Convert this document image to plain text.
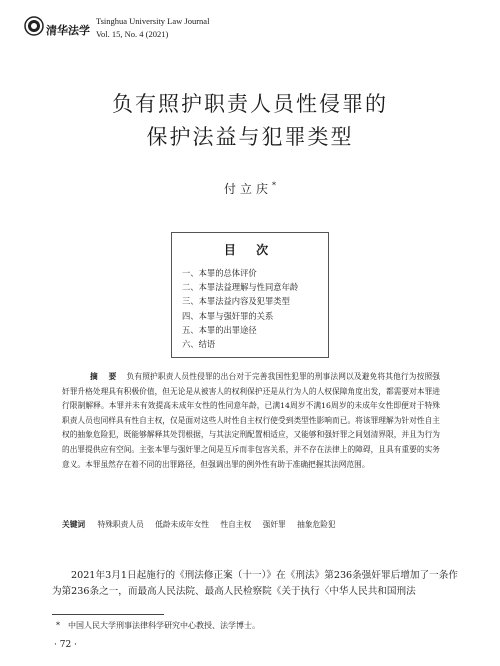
清华法学
Tsinghua University Law Journal
Vol. 15, No. 4 (2021)
负有照护职责人员性侵罪的
保护法益与犯罪类型
付立庆*
目 次
一、本罪的总体评价
二、本罪法益理解与性同意年龄
三、本罪法益内容及犯罪类型
四、本罪与强奸罪的关系
五、本罪的出罪途径
六、结语
摘 要 负有照护职责人员性侵罪的出台对于完善我国性犯罪的刑事法网以及避免将其他行为按照强奸罪升格处理具有积极价值，但无论是从被害人的权利保护还是从行为人的人权保障角度出发，都需要对本罪进行限制解释。本罪并未有效提高未成年女性的性同意年龄，已满14周岁不满16周岁的未成年女性即便对于特殊职责人员也同样具有性自主权，仅是面对这些人时性自主权行使受到类型性影响而已。将该罪理解为针对性自主权的抽象危险犯，既能够解释其处罚根据，与其法定刑配置相适应，又能够和强奸罪之间划清界限，并且为行为的出罪提供应有空间。主张本罪与强奸罪之间是互斥而非包容关系，并不存在法律上的障碍，且具有重要的实务意义。本罪虽然存在着不同的出罪路径，但强调出罪的例外性有助于准确把握其法网范围。
关键词 特殊职责人员 低龄未成年女性 性自主权 强奸罪 抽象危险犯
2021年3月1日起施行的《刑法修正案（十一）》在《刑法》第236条强奸罪后增加了一条作为第236条之一，而最高人民法院、最高人民检察院《关于执行〈中华人民共和国刑法
* 中国人民大学刑事法律科学研究中心教授、法学博士。
· 72 ·
